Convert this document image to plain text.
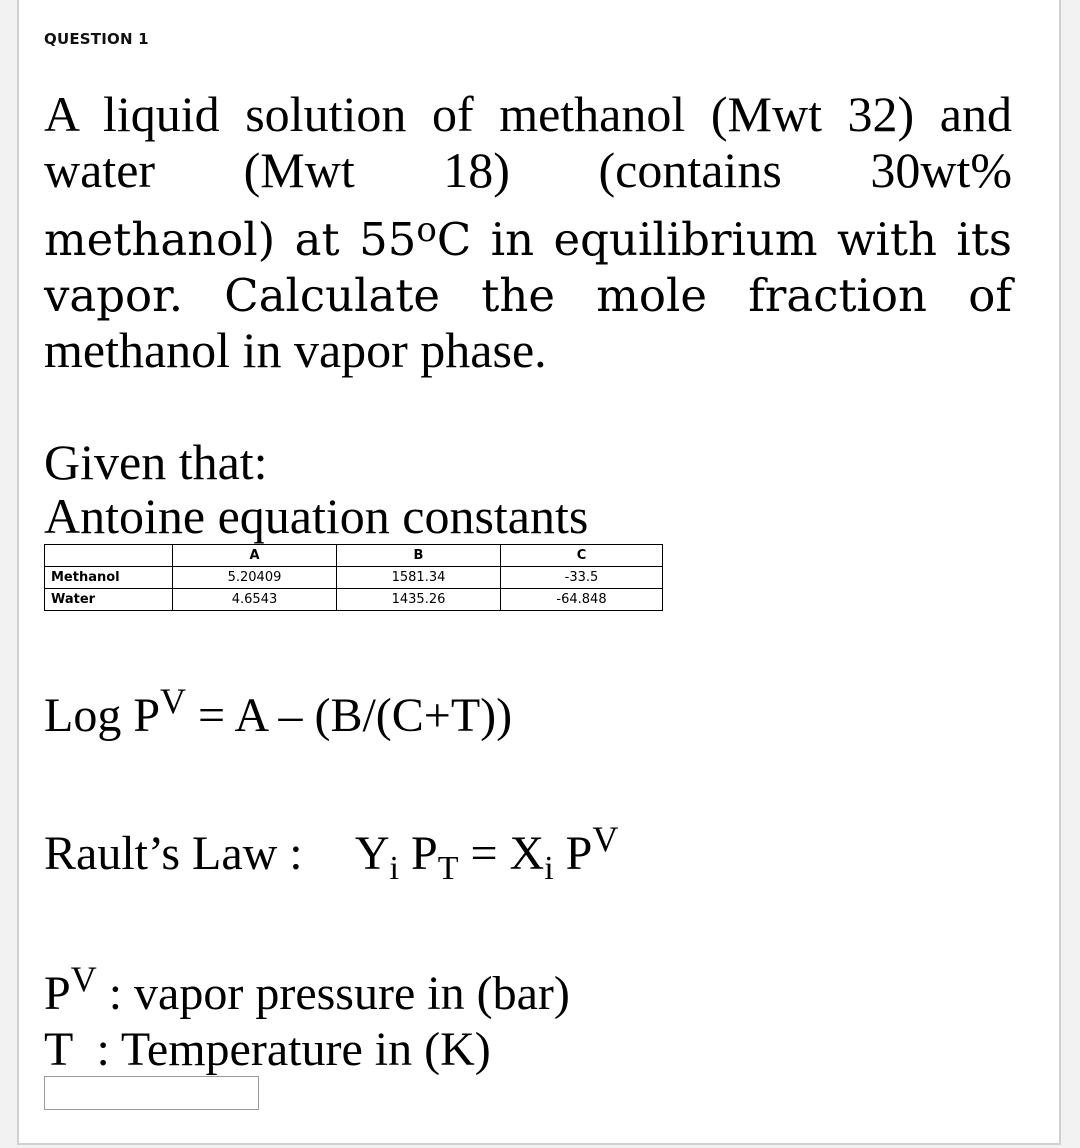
QUESTION 1
A liquid solution of methanol (Mwt 32) and
water (Mwt 18) (contains 30wt%
methanol) at 55$^o$C in equilibrium with its
vapor. Calculate the mole fraction of
methanol in vapor phase.
Given that:
Antoine equation constants
	A	B	C
Methanol	5.20409	1581.34	-33.5
Water	4.6543	1435.26	-64.848
Log $P^V = A - (B/(C+T))$
Rault’s Law : $Y_i$ $P_T = X_i$ $P^V$
$P^V$ : vapor pressure in (bar)
T  : Temperature in (K)
